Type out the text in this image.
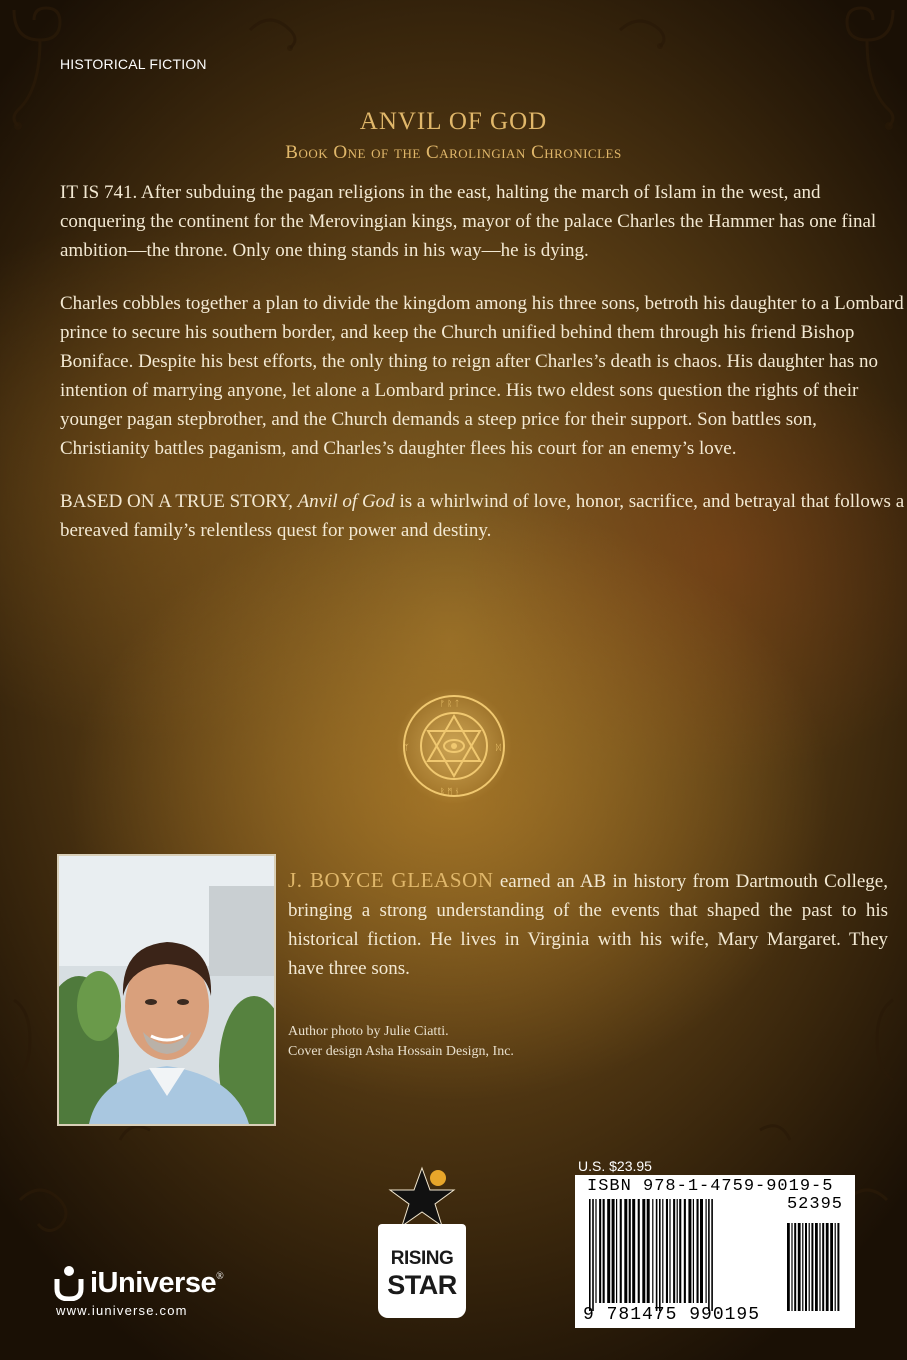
HISTORICAL FICTION
ANVIL OF GOD
Book One of the Carolingian Chronicles

IT IS 741. After subduing the pagan religions in the east, halting the march of Islam in the west, and conquering the continent for the Merovingian kings, mayor of the palace Charles the Hammer has one final ambition—the throne. Only one thing stands in his way—he is dying.

Charles cobbles together a plan to divide the kingdom among his three sons, betroth his daughter to a Lombard prince to secure his southern border, and keep the Church unified behind them through his friend Bishop Boniface. Despite his best efforts, the only thing to reign after Charles’s death is chaos. His daughter has no intention of marrying anyone, let alone a Lombard prince. His two eldest sons question the rights of their younger pagan stepbrother, and the Church demands a steep price for their support. Son battles son, Christianity battles paganism, and Charles’s daughter flees his court for an enemy’s love.

BASED ON A TRUE STORY, Anvil of God is a whirlwind of love, honor, sacrifice, and betrayal that follows a bereaved family’s relentless quest for power and destiny.

ᚠ ᚱ ᛏ
ᛒ ᛗ ᚾ
ᛉ	ᛞ
J. BOYCE GLEASON earned an AB in history from Dartmouth College, bringing a strong understanding of the events that shaped the past to his historical fiction. He lives in Virginia with his wife, Mary Margaret. They have three sons.
Author photo by Julie Ciatti.
Cover design Asha Hossain Design, Inc.
U.S. $23.95
ISBN 978-1-4759-9019-5
52395
9 781475 990195
iUniverse ®
www.iuniverse.com
RISING
STAR
